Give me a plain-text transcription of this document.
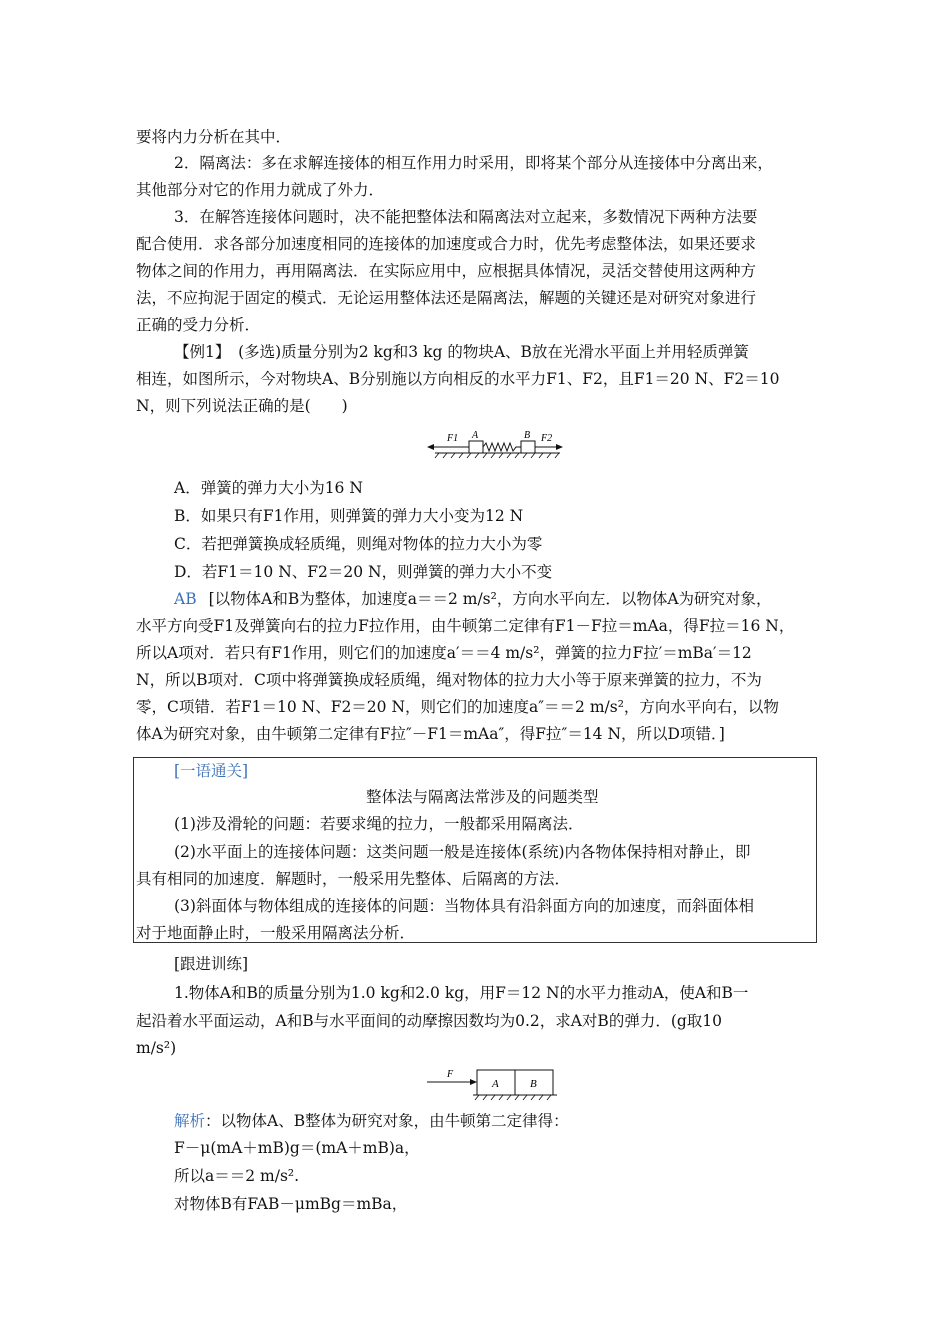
要将内力分析在其中．
2．隔离法：多在求解连接体的相互作用力时采用，即将某个部分从连接体中分离出来，
其他部分对它的作用力就成了外力．
3．在解答连接体问题时，决不能把整体法和隔离法对立起来，多数情况下两种方法要
配合使用．求各部分加速度相同的连接体的加速度或合力时，优先考虑整体法，如果还要求
物体之间的作用力，再用隔离法．在实际应用中，应根据具体情况，灵活交替使用这两种方
法，不应拘泥于固定的模式．无论运用整体法还是隔离法，解题的关键还是对研究对象进行
正确的受力分析．
【例1】　(多选)质量分别为2 kg和3 kg 的物块A、B放在光滑水平面上并用轻质弹簧
相连，如图所示，今对物块A、B分别施以方向相反的水平力F1、F2，且F1＝20 N、F2＝10
N，则下列说法正确的是(　　)
F1 A	B F2
A．弹簧的弹力大小为16 N
B．如果只有F1作用，则弹簧的弹力大小变为12 N
C．若把弹簧换成轻质绳，则绳对物体的拉力大小为零
D．若F1＝10 N、F2＝20 N，则弹簧的弹力大小不变
AB [以物体A和B为整体，加速度a＝＝2 m/s²，方向水平向左．以物体A为研究对象，
水平方向受F1及弹簧向右的拉力F拉作用，由牛顿第二定律有F1－F拉＝mAa，得F拉＝16 N，
所以A项对．若只有F1作用，则它们的加速度a′＝＝4 m/s²，弹簧的拉力F拉′＝mBa′＝12
N，所以B项对．C项中将弹簧换成轻质绳，绳对物体的拉力大小等于原来弹簧的拉力，不为
零，C项错．若F1＝10 N、F2＝20 N，则它们的加速度a″＝＝2 m/s²，方向水平向右，以物
体A为研究对象，由牛顿第二定律有F拉″－F1＝mAa″，得F拉″＝14 N，所以D项错．]
[一语通关]
整体法与隔离法常涉及的问题类型
(1)涉及滑轮的问题：若要求绳的拉力，一般都采用隔离法．
(2)水平面上的连接体问题：这类问题一般是连接体(系统)内各物体保持相对静止，即
具有相同的加速度．解题时，一般采用先整体、后隔离的方法．
(3)斜面体与物体组成的连接体的问题：当物体具有沿斜面方向的加速度，而斜面体相
对于地面静止时，一般采用隔离法分析．
[跟进训练]
1.物体A和B的质量分别为1.0 kg和2.0 kg，用F＝12 N的水平力推动A，使A和B一
起沿着水平面运动，A和B与水平面间的动摩擦因数均为0.2，求A对B的弹力．(g取10
m/s²)
F
A	B
解析：以物体A、B整体为研究对象，由牛顿第二定律得：
F－μ(mA＋mB)g＝(mA＋mB)a，
所以a＝＝2 m/s².
对物体B有FAB－μmBg＝mBa，
